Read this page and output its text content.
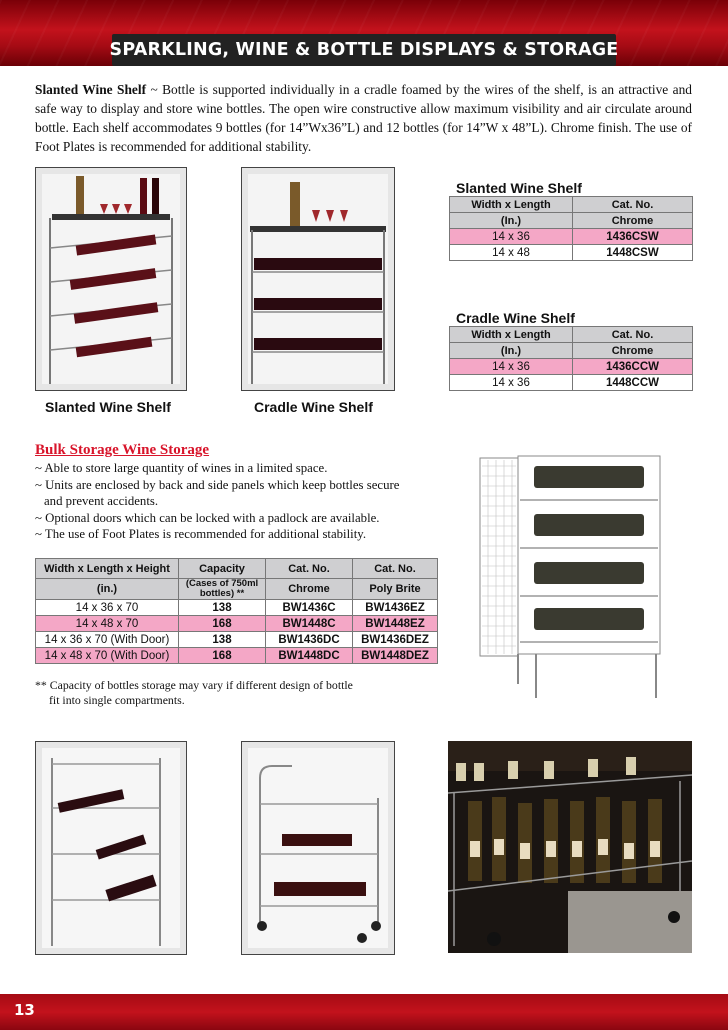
SPARKLING, WINE & BOTTLE DISPLAYS & STORAGE
Slanted Wine Shelf ~ Bottle is supported individually in a cradle foamed by the wires of the shelf, is an attractive and safe way to display and store wine bottles. The open wire constructive allow maximum visibility and air circulate around bottle. Each shelf accommodates 9 bottles (for 14”Wx36”L) and 12 bottles (for 14”W x 48”L). Chrome finish. The use of Foot Plates is recommended for additional stability.
Slanted Wine Shelf	Cradle Wine Shelf
Slanted Wine Shelf
Width x Length	Cat. No.
(In.)	Chrome
14 x 36	1436CSW
14 x 48	1448CSW
Cradle Wine Shelf
Width x Length	Cat. No.
(In.)	Chrome
14 x 36	1436CCW
14 x 36	1448CCW
Bulk Storage Wine Storage
~ Able to store large quantity of wines in a limited space.
~ Units are enclosed by back and side panels which keep bottles secure
and prevent accidents.
~ Optional doors which can be locked with a padlock are available.
~ The use of Foot Plates is recommended for additional stability.
Width x Length x Height	Capacity	Cat. No.	Cat. No.
(in.)	(Cases of 750ml bottles) **	Chrome	Poly Brite
14 x 36 x 70	138	BW1436C	BW1436EZ
14 x 48 x 70	168	BW1448C	BW1448EZ
14 x 36 x 70 (With Door)	138	BW1436DC	BW1436DEZ
14 x 48 x 70 (With Door)	168	BW1448DC	BW1448DEZ
** Capacity of bottles storage may vary if different design of bottle
fit into single compartments.
13
